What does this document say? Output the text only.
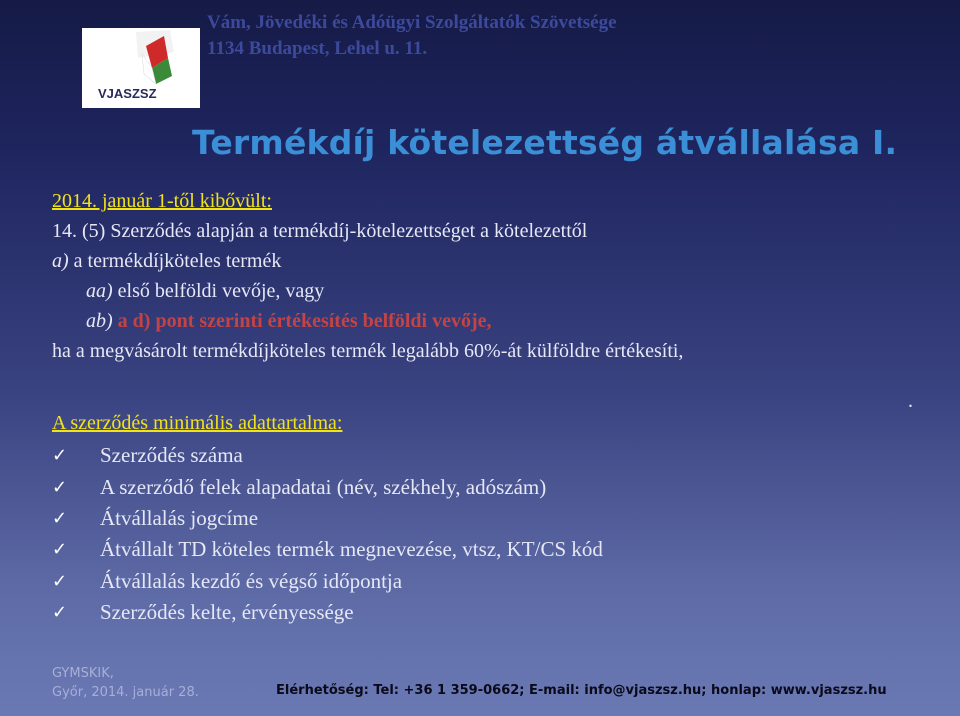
Vám, Jövedéki és Adóügyi Szolgáltatók Szövetsége
1134 Budapest, Lehel u. 11.
VJASZSZ
Termékdíj kötelezettség átvállalása I.
2014. január 1-től kibővült:
14. (5) Szerződés alapján a termékdíj-kötelezettséget a kötelezettől
a) a termékdíjköteles termék
aa) első belföldi vevője, vagy
ab) a d) pont szerinti értékesítés belföldi vevője,
ha a megvásárolt termékdíjköteles termék legalább 60%-át külföldre értékesíti,
.
A szerződés minimális adattartalma:
✓	Szerződés száma
✓	A szerződő felek alapadatai (név, székhely, adószám)
✓	Átvállalás jogcíme
✓	Átvállalt TD köteles termék megnevezése, vtsz, KT/CS kód
✓	Átvállalás kezdő és végső időpontja
✓	Szerződés kelte, érvényessége
GYMSKIK,
Győr, 2014. január 28.	Elérhetőség: Tel: +36 1 359-0662; E-mail: info@vjaszsz.hu; honlap: www.vjaszsz.hu
